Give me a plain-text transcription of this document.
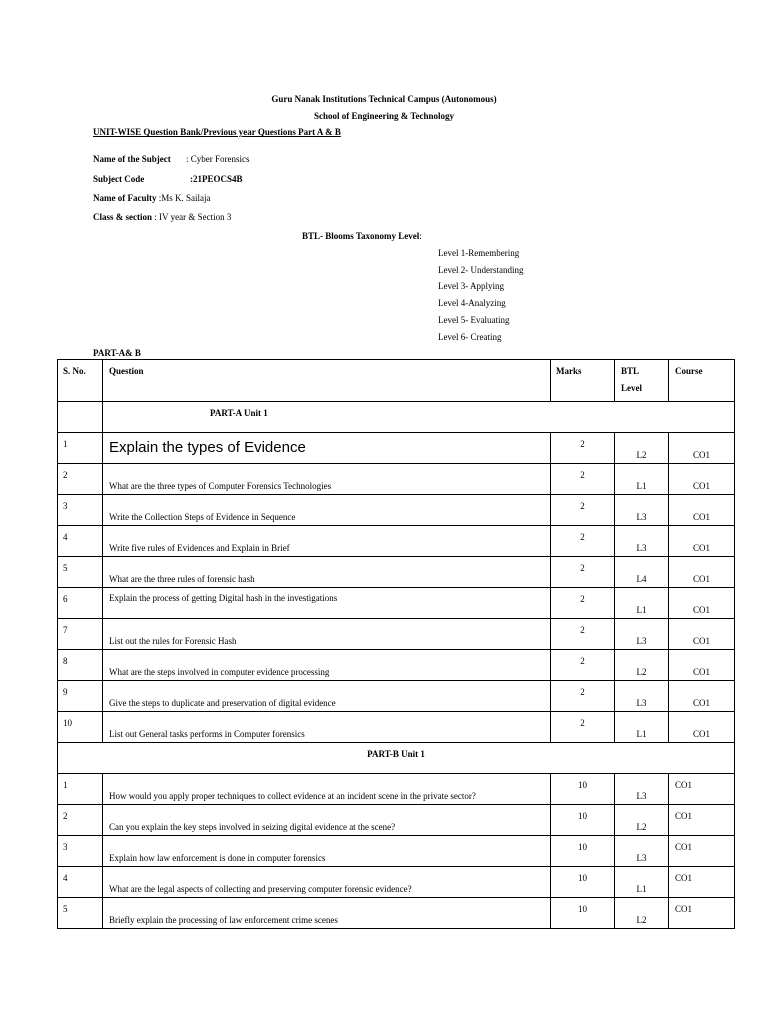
Guru Nanak Institutions Technical Campus (Autonomous)
School of Engineering & Technology
UNIT-WISE Question Bank/Previous year Questions Part A & B
Name of the Subject : Cyber Forensics
Subject Code	:21PEOCS4B
Name of Faculty :Ms K. Sailaja
Class & section : IV year & Section 3
BTL- Blooms Taxonomy Level:
Level 1-Remembering
Level 2- Understanding
Level 3- Applying
Level 4-Analyzing
Level 5- Evaluating
Level 6- Creating
PART-A& B
S. No.	Question	Marks	BTL
Level	Course

	PART-A Unit 1			

1	Explain the types of Evidence	2	L2	CO1

2	What are the three types of Computer Forensics Technologies	2	L1	CO1

3	Write the Collection Steps of Evidence in Sequence	2	L3	CO1

4	Write five rules of Evidences and Explain in Brief	2	L3	CO1

5	What are the three rules of forensic hash	2	L4	CO1

6	Explain the process of getting Digital hash in the investigations	2	L1	CO1

7	List out the rules for Forensic Hash	2	L3	CO1

8	What are the steps involved in computer evidence processing	2	L2	CO1

9	Give the steps to duplicate and preservation of digital evidence	2	L3	CO1

10	List out General tasks performs in Computer forensics	2	L1	CO1

PART-B Unit 1				

1	How would you apply proper techniques to collect evidence at an incident scene in the private sector?	10	L3	CO1

2	Can you explain the key steps involved in seizing digital evidence at the scene?	10	L2	CO1

3	Explain how law enforcement is done in computer forensics	10	L3	CO1

4	What are the legal aspects of collecting and preserving computer forensic evidence?	10	L1	CO1

5	Briefly explain the processing of law enforcement crime scenes	10	L2	CO1
